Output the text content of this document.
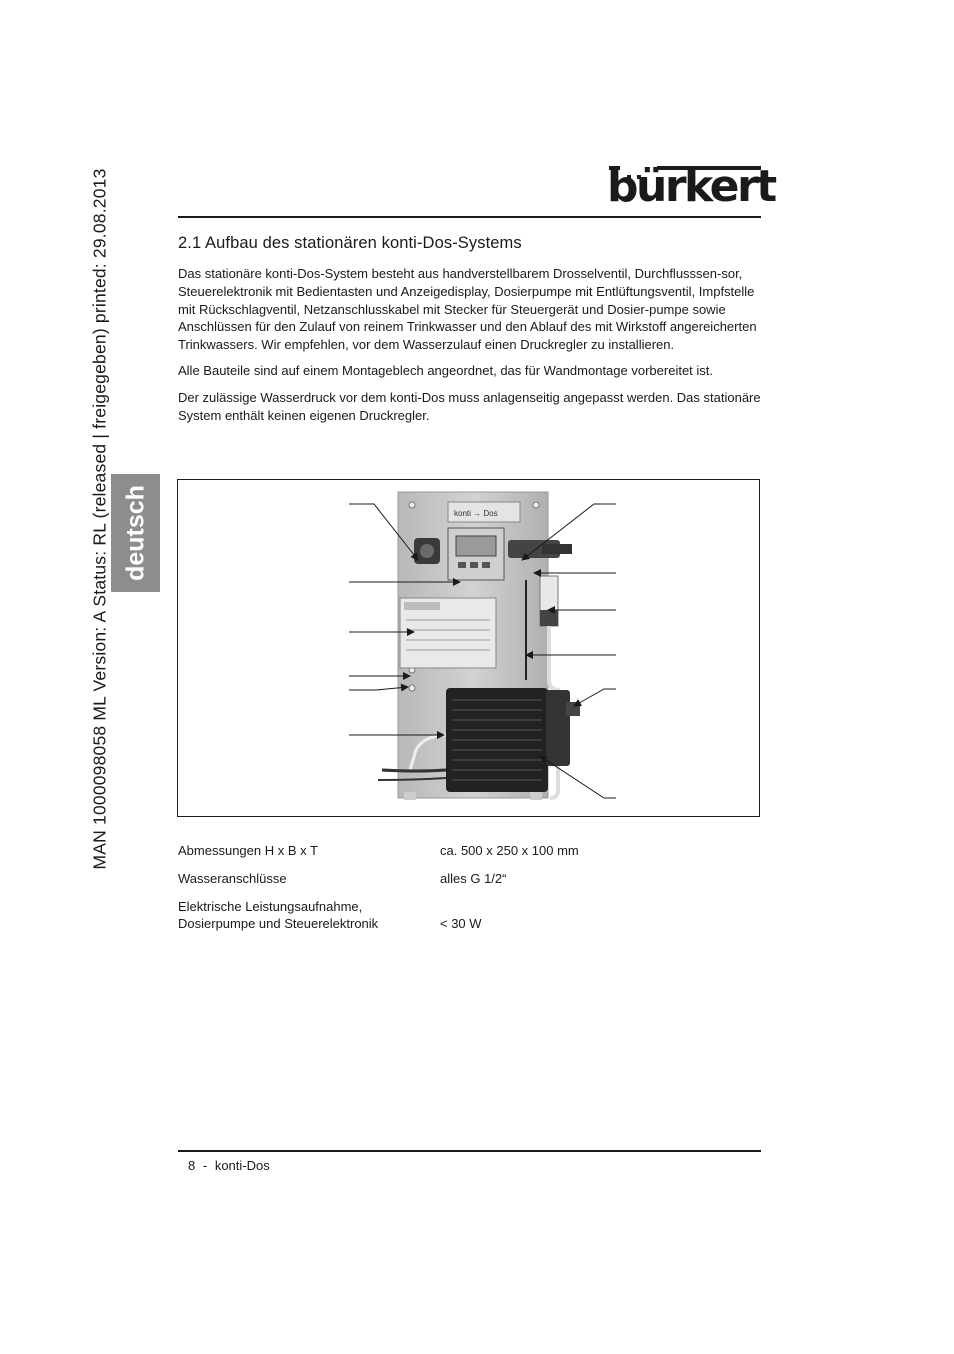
MAN 1000098058 ML Version: A Status: RL (released | freigegeben) printed: 29.08.2013 deutsch
bürkert
2.1 Aufbau des stationären konti-Dos-Systems

Das stationäre konti-Dos-System besteht aus handverstellbarem Drosselventil, Durchflusssen-sor, Steuerelektronik mit Bedientasten und Anzeigedisplay, Dosierpumpe mit Entlüftungsventil, Impfstelle mit Rückschlagventil, Netzanschlusskabel mit Stecker für Steuergerät und Dosier-pumpe sowie Anschlüssen für den Zulauf von reinem Trinkwasser und den Ablauf des mit Wirkstoff angereicherten Trinkwassers. Wir empfehlen, vor dem Wasserzulauf einen Druckregler zu installieren.

Alle Bauteile sind auf einem Montageblech angeordnet, das für Wandmontage vorbereitet ist.

Der zulässige Wasserdruck vor dem konti-Dos muss anlagenseitig angepasst werden. Das stationäre System enthält keinen eigenen Druckregler.

konti → Dos
Abmessungen H x B x T	ca. 500 x 250 x 100 mm
Wasseranschlüsse	alles G 1/2“
Elektrische Leistungsaufnahme,
Dosierpumpe und Steuerelektronik	< 30 W
8 - konti-Dos
